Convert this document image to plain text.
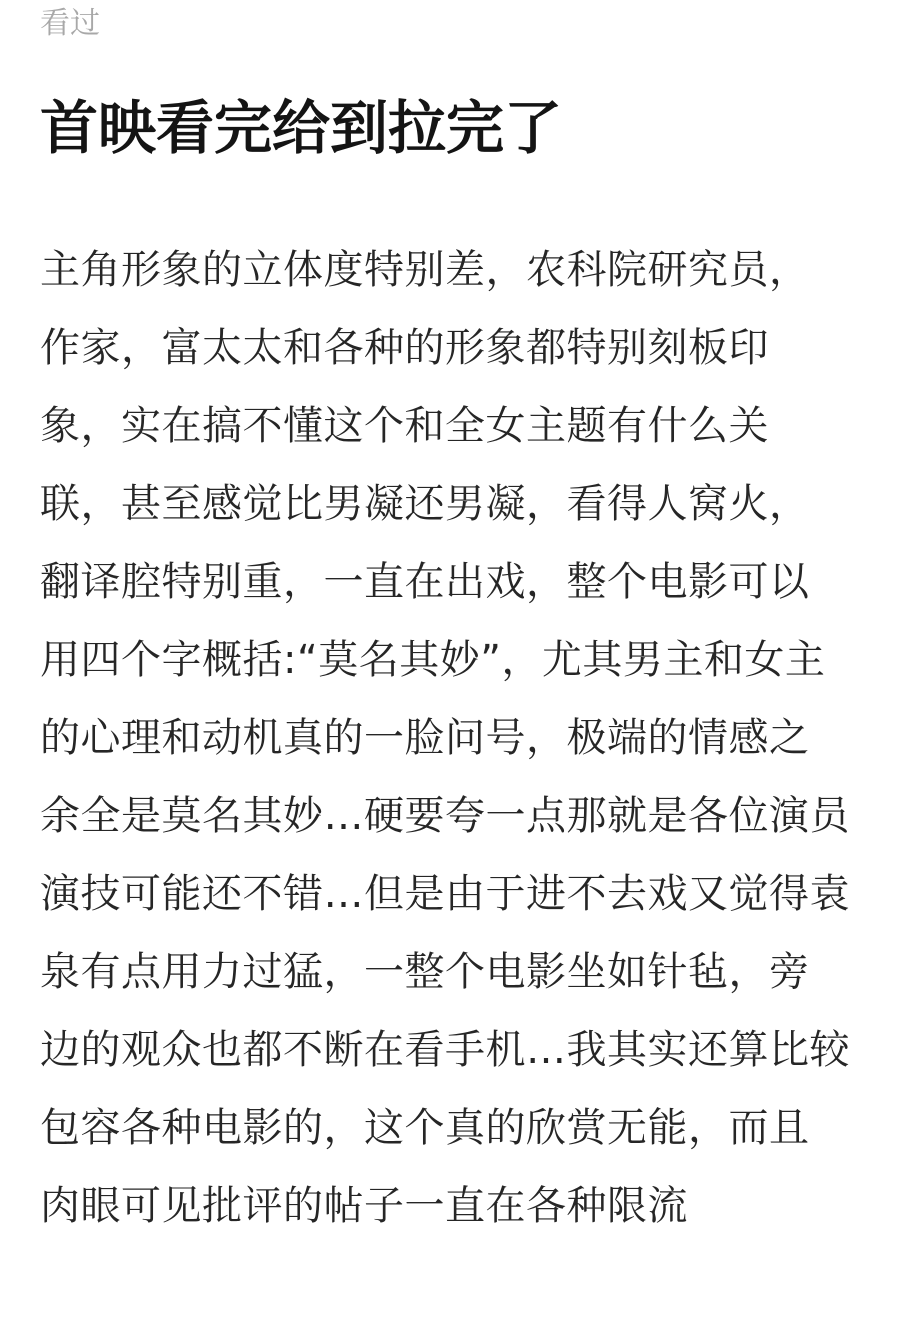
看过
首映看完给到拉完了
主角形象的立体度特别差，农科院研究员，
作家，富太太和各种的形象都特别刻板印
象，实在搞不懂这个和全女主题有什么关
联，甚至感觉比男凝还男凝，看得人窝火，
翻译腔特别重，一直在出戏，整个电影可以
用四个字概括:“莫名其妙”，尤其男主和女主
的心理和动机真的一脸问号，极端的情感之
余全是莫名其妙…硬要夸一点那就是各位演员
演技可能还不错…但是由于进不去戏又觉得袁
泉有点用力过猛，一整个电影坐如针毡，旁
边的观众也都不断在看手机…我其实还算比较
包容各种电影的，这个真的欣赏无能，而且
肉眼可见批评的帖子一直在各种限流
